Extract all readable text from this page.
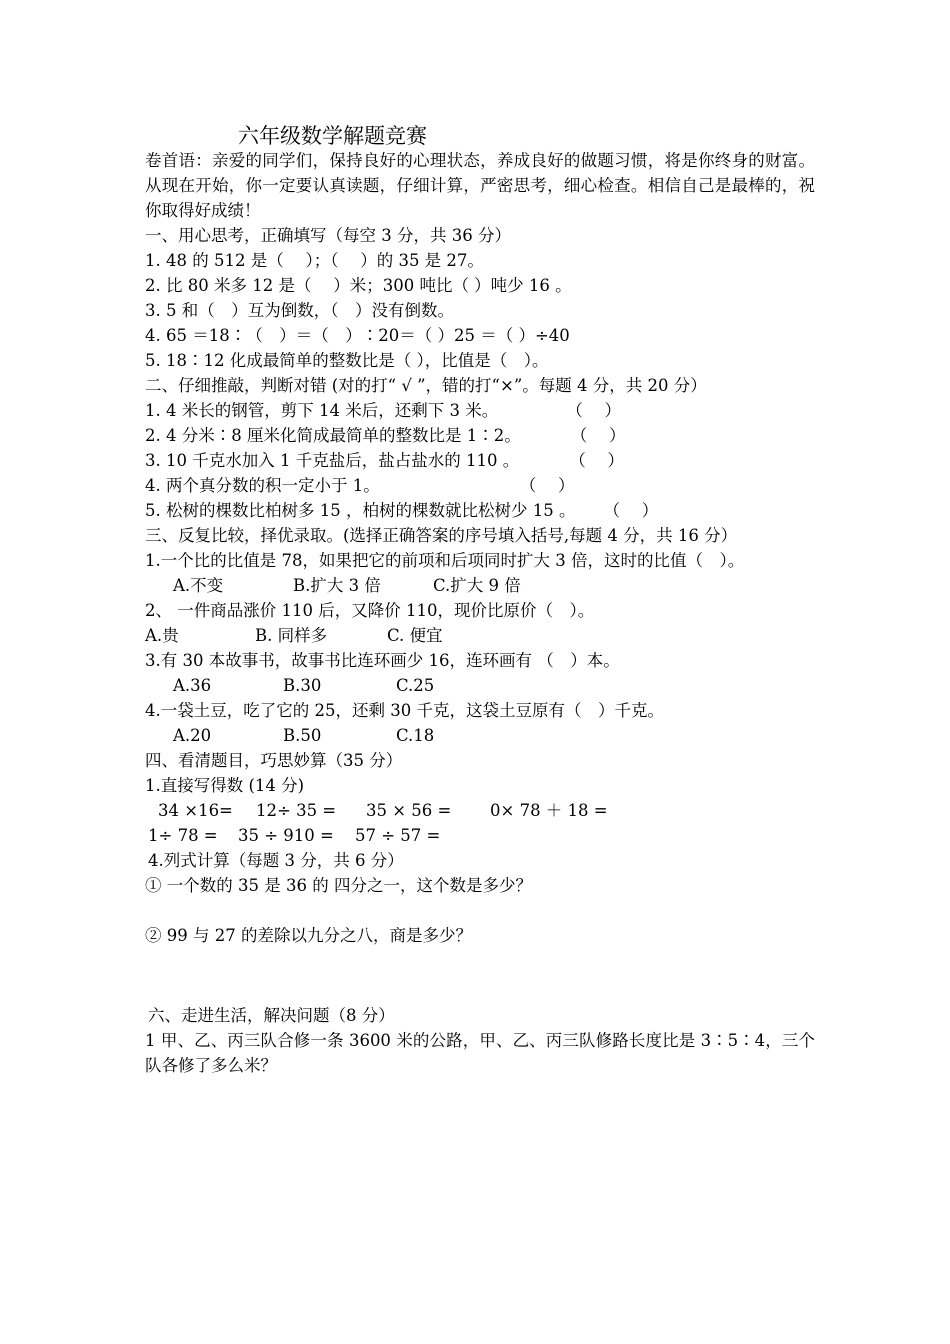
六年级数学解题竞赛
卷首语：亲爱的同学们，保持良好的心理状态，养成良好的做题习惯，将是你终身的财富。从现在开始，你一定要认真读题，仔细计算，严密思考，细心检查。相信自己是最棒的，祝你取得好成绩！
一、用心思考，正确填写（每空 3 分，共 36 分）
1. 48 的 512 是（　 ）；（　 ）的 35 是 27。
2. 比 80 米多 12 是（　 ）米；300 吨比（ ）吨少 16 。
3. 5 和（　）互为倒数，（　）没有倒数。
4. 65 ＝18∶（　）＝（　）∶20＝（ ）25 ＝（ ）÷40
5. 18∶12 化成最简单的整数比是（ ），比值是（　）。
二、仔细推敲，判断对错 (对的打“ √ ”，错的打“×”。每题 4 分，共 20 分）
1. 4 米长的钢管，剪下 14 米后，还剩下 3 米。	（　 ）
2. 4 分米∶8 厘米化简成最简单的整数比是 1∶2。	（　 ）
3. 10 千克水加入 1 千克盐后，盐占盐水的 110 。	（　 ）
4. 两个真分数的积一定小于 1。	（　 ）
5. 松树的棵数比柏树多 15 ，柏树的棵数就比松树少 15 。 （　 ）
三、反复比较，择优录取。(选择正确答案的序号填入括号,每题 4 分，共 16 分）
1.一个比的比值是 78，如果把它的前项和后项同时扩大 3 倍，这时的比值（　）。
A.不变	B.扩大 3 倍	C.扩大 9 倍
2、 一件商品涨价 110 后，又降价 110，现价比原价（　）。
A.贵	B. 同样多	C. 便宜
3.有 30 本故事书，故事书比连环画少 16，连环画有 （　）本。
A.36	B.30	C.25
4.一袋土豆，吃了它的 25，还剩 30 千克，这袋土豆原有（　）千克。
A.20	B.50	C.18
四、看清题目，巧思妙算（35 分）
1.直接写得数 (14 分)
34 ×16= 12÷ 35 = 35 × 56 = 0× 78 ＋ 18 =
1÷ 78 = 35 ÷ 910 = 57 ÷ 57 =
4.列式计算（每题 3 分，共 6 分）
① 一个数的 35 是 36 的 四分之一，这个数是多少？
② 99 与 27 的差除以九分之八，商是多少？
六、走进生活，解决问题（8 分）
1 甲、乙、丙三队合修一条 3600 米的公路，甲、乙、丙三队修路长度比是 3∶5∶4，三个队各修了多么米？
